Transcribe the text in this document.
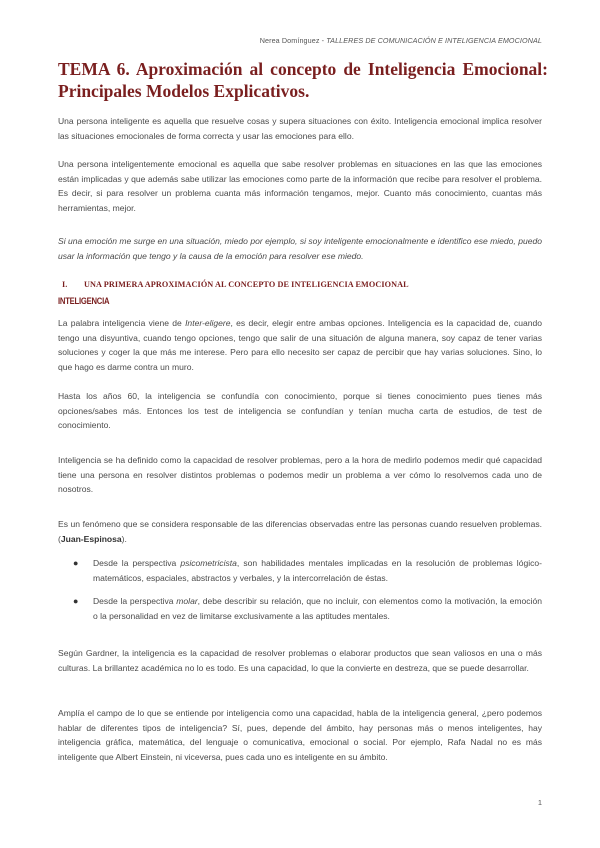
Nerea Domínguez - TALLERES DE COMUNICACIÓN E INTELIGENCIA EMOCIONAL
TEMA 6. Aproximación al concepto de Inteligencia Emocional: Principales Modelos Explicativos.

Una persona inteligente es aquella que resuelve cosas y supera situaciones con éxito. Inteligencia emocional implica resolver las situaciones emocionales de forma correcta y usar las emociones para ello.

Una persona inteligentemente emocional es aquella que sabe resolver problemas en situaciones en las que las emociones están implicadas y que además sabe utilizar las emociones como parte de la información que recibe para resolver el problema. Es decir, si para resolver un problema cuanta más información tengamos, mejor. Cuanto más conocimiento, cuantas más herramientas, mejor.

Si una emoción me surge en una situación, miedo por ejemplo, si soy inteligente emocionalmente e identifico ese miedo, puedo usar la información que tengo y la causa de la emoción para resolver ese miedo.

I. UNA PRIMERA APROXIMACIÓN AL CONCEPTO DE INTELIGENCIA EMOCIONAL
INTELIGENCIA

La palabra inteligencia viene de Inter-eligere, es decir, elegir entre ambas opciones. Inteligencia es la capacidad de, cuando tengo una disyuntiva, cuando tengo opciones, tengo que salir de una situación de alguna manera, soy capaz de tener varias soluciones y coger la que más me interese. Pero para ello necesito ser capaz de percibir que hay varias soluciones. Sino, lo que hago es darme contra un muro.

Hasta los años 60, la inteligencia se confundía con conocimiento, porque si tienes conocimiento pues tienes más opciones/sabes más. Entonces los test de inteligencia se confundían y tenían mucha carta de estudios, de test de conocimiento.

Inteligencia se ha definido como la capacidad de resolver problemas, pero a la hora de medirlo podemos medir qué capacidad tiene una persona en resolver distintos problemas o podemos medir un problema a ver cómo lo resolvemos cada uno de nosotros.

Es un fenómeno que se considera responsable de las diferencias observadas entre las personas cuando resuelven problemas. (Juan-Espinosa).

● Desde la perspectiva psicometricista, son habilidades mentales implicadas en la resolución de problemas lógico-matemáticos, espaciales, abstractos y verbales, y la intercorrelación de éstas.

● Desde la perspectiva molar, debe describir su relación, que no incluir, con elementos como la motivación, la emoción o la personalidad en vez de limitarse exclusivamente a las aptitudes mentales.

Según Gardner, la inteligencia es la capacidad de resolver problemas o elaborar productos que sean valiosos en una o más culturas. La brillantez académica no lo es todo. Es una capacidad, lo que la convierte en destreza, que se puede desarrollar.

Amplía el campo de lo que se entiende por inteligencia como una capacidad, habla de la inteligencia general, ¿pero podemos hablar de diferentes tipos de inteligencia? Sí, pues, depende del ámbito, hay personas más o menos inteligentes, hay inteligencia gráfica, matemática, del lenguaje o comunicativa, emocional o social. Por ejemplo, Rafa Nadal no es más inteligente que Albert Einstein, ni viceversa, pues cada uno es inteligente en su ámbito.

1
